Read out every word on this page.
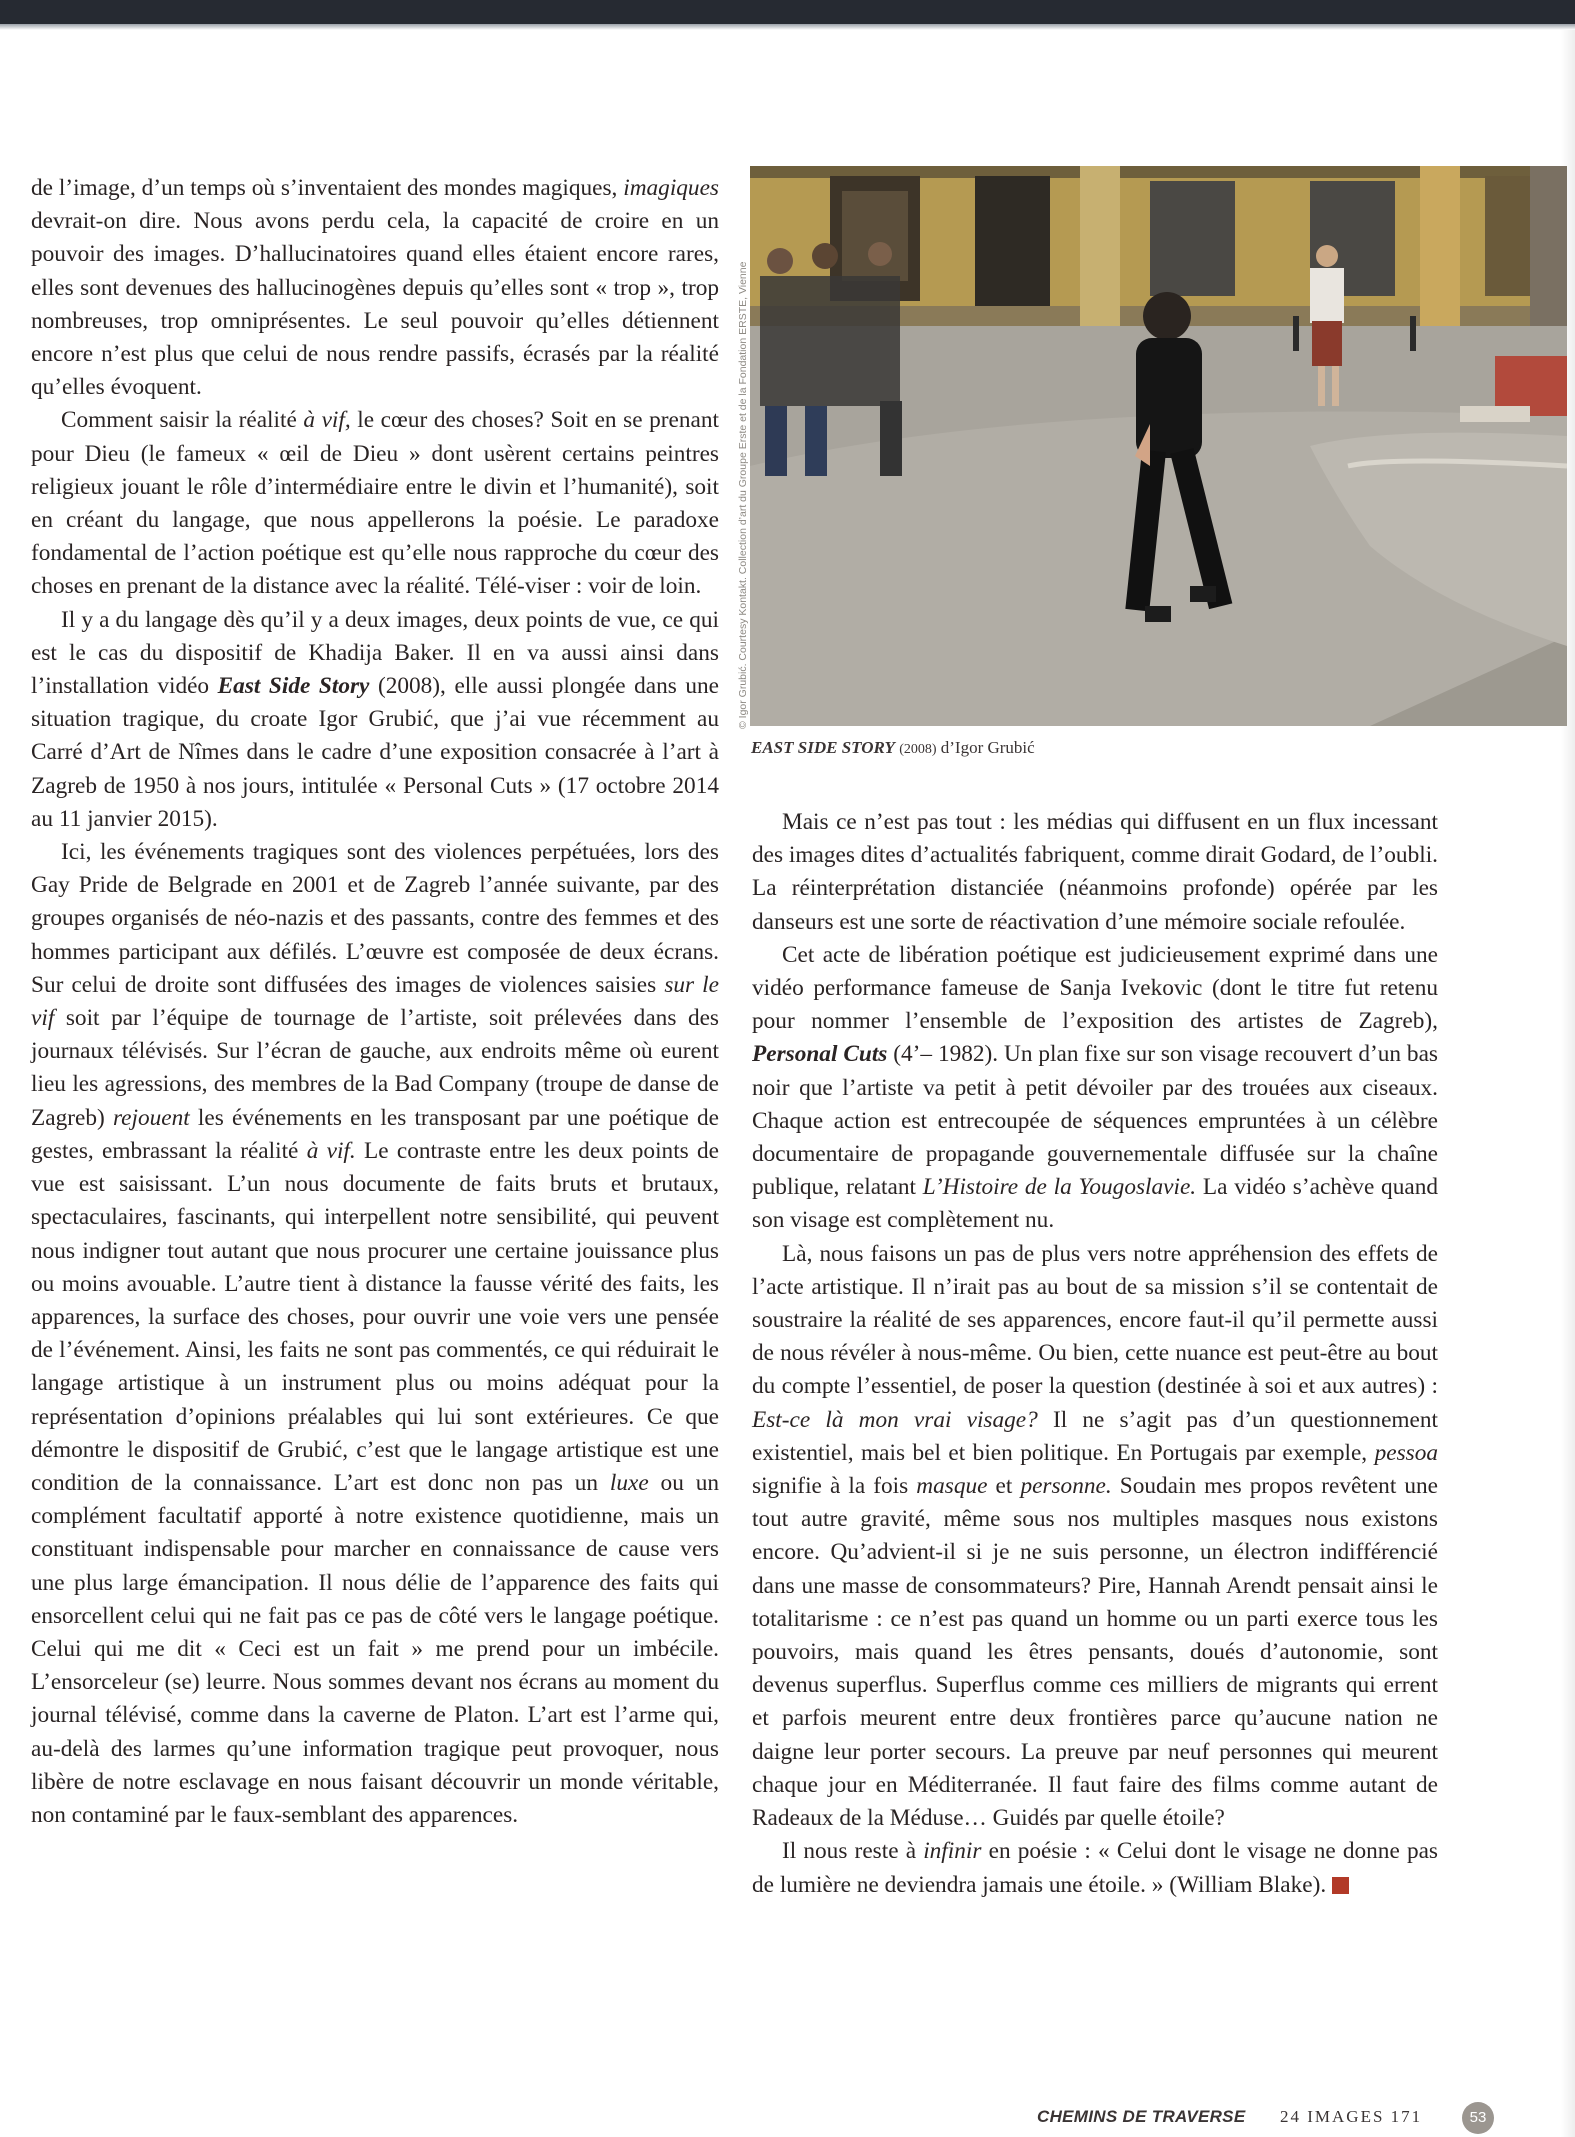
de l’image, d’un temps où s’inventaient des mondes magiques, imagiques devrait-on dire. Nous avons perdu cela, la capacité de croire en un pouvoir des images. D’hallucinatoires quand elles étaient encore rares, elles sont devenues des hallucinogènes depuis qu’elles sont « trop », trop nombreuses, trop omniprésentes. Le seul pouvoir qu’elles détiennent encore n’est plus que celui de nous rendre passifs, écrasés par la réalité qu’elles évoquent.

Comment saisir la réalité à vif, le cœur des choses? Soit en se prenant pour Dieu (le fameux « œil de Dieu » dont usèrent certains peintres religieux jouant le rôle d’intermédiaire entre le divin et l’humanité), soit en créant du langage, que nous appellerons la poésie. Le paradoxe fondamental de l’action poétique est qu’elle nous rapproche du cœur des choses en prenant de la distance avec la réalité. Télé-viser : voir de loin.

Il y a du langage dès qu’il y a deux images, deux points de vue, ce qui est le cas du dispositif de Khadija Baker. Il en va aussi ainsi dans l’installation vidéo East Side Story (2008), elle aussi plongée dans une situation tragique, du croate Igor Grubić, que j’ai vue récemment au Carré d’Art de Nîmes dans le cadre d’une exposition consacrée à l’art à Zagreb de 1950 à nos jours, intitulée « Personal Cuts » (17 octobre 2014 au 11 janvier 2015).

Ici, les événements tragiques sont des violences perpétuées, lors des Gay Pride de Belgrade en 2001 et de Zagreb l’année suivante, par des groupes organisés de néo-nazis et des passants, contre des femmes et des hommes participant aux défilés. L’œuvre est composée de deux écrans. Sur celui de droite sont diffusées des images de violences saisies sur le vif soit par l’équipe de tournage de l’artiste, soit prélevées dans des journaux télévisés. Sur l’écran de gauche, aux endroits même où eurent lieu les agressions, des membres de la Bad Company (troupe de danse de Zagreb) rejouent les événements en les transposant par une poétique de gestes, embrassant la réalité à vif. Le contraste entre les deux points de vue est saisissant. L’un nous documente de faits bruts et brutaux, spectaculaires, fascinants, qui interpellent notre sensibilité, qui peuvent nous indigner tout autant que nous procurer une certaine jouissance plus ou moins avouable. L’autre tient à distance la fausse vérité des faits, les apparences, la surface des choses, pour ouvrir une voie vers une pensée de l’événement. Ainsi, les faits ne sont pas commentés, ce qui réduirait le langage artistique à un instrument plus ou moins adéquat pour la représentation d’opinions préalables qui lui sont extérieures. Ce que démontre le dispositif de Grubić, c’est que le langage artistique est une condition de la connaissance. L’art est donc non pas un luxe ou un complément facultatif apporté à notre existence quotidienne, mais un constituant indispensable pour marcher en connaissance de cause vers une plus large émancipation. Il nous délie de l’apparence des faits qui ensorcellent celui qui ne fait pas ce pas de côté vers le langage poétique. Celui qui me dit « Ceci est un fait » me prend pour un imbécile. L’ensorceleur (se) leurre. Nous sommes devant nos écrans au moment du journal télévisé, comme dans la caverne de Platon. L’art est l’arme qui, au-delà des larmes qu’une information tragique peut provoquer, nous libère de notre esclavage en nous faisant découvrir un monde véritable, non contaminé par le faux-semblant des apparences.

© Igor Grubić. Courtesy Kontakt. Collection d’art du Groupe Erste et de la Fondation ERSTE, Vienne
EAST SIDE STORY (2008) d’Igor Grubić

Mais ce n’est pas tout : les médias qui diffusent en un flux incessant des images dites d’actualités fabriquent, comme dirait Godard, de l’oubli. La réinterprétation distanciée (néanmoins profonde) opérée par les danseurs est une sorte de réactivation d’une mémoire sociale refoulée.

Cet acte de libération poétique est judicieusement exprimé dans une vidéo performance fameuse de Sanja Ivekovic (dont le titre fut retenu pour nommer l’ensemble de l’exposition des artistes de Zagreb), Personal Cuts (4’– 1982). Un plan fixe sur son visage recouvert d’un bas noir que l’artiste va petit à petit dévoiler par des trouées aux ciseaux. Chaque action est entrecoupée de séquences empruntées à un célèbre documentaire de propagande gouvernementale diffusée sur la chaîne publique, relatant L’Histoire de la Yougoslavie. La vidéo s’achève quand son visage est complètement nu.

Là, nous faisons un pas de plus vers notre appréhension des effets de l’acte artistique. Il n’irait pas au bout de sa mission s’il se contentait de soustraire la réalité de ses apparences, encore faut-il qu’il permette aussi de nous révéler à nous-même. Ou bien, cette nuance est peut-être au bout du compte l’essentiel, de poser la question (destinée à soi et aux autres) : Est-ce là mon vrai visage? Il ne s’agit pas d’un questionnement existentiel, mais bel et bien politique. En Portugais par exemple, pessoa signifie à la fois masque et personne. Soudain mes propos revêtent une tout autre gravité, même sous nos multiples masques nous existons encore. Qu’advient-il si je ne suis personne, un électron indifférencié dans une masse de consommateurs? Pire, Hannah Arendt pensait ainsi le totalitarisme : ce n’est pas quand un homme ou un parti exerce tous les pouvoirs, mais quand les êtres pensants, doués d’autonomie, sont devenus superflus. Superflus comme ces milliers de migrants qui errent et parfois meurent entre deux frontières parce qu’aucune nation ne daigne leur porter secours. La preuve par neuf personnes qui meurent chaque jour en Méditerranée. Il faut faire des films comme autant de Radeaux de la Méduse… Guidés par quelle étoile?

Il nous reste à infinir en poésie : « Celui dont le visage ne donne pas de lumière ne deviendra jamais une étoile. » (William Blake).

CHEMINS DE TRAVERSE 24 IMAGES 171	53
